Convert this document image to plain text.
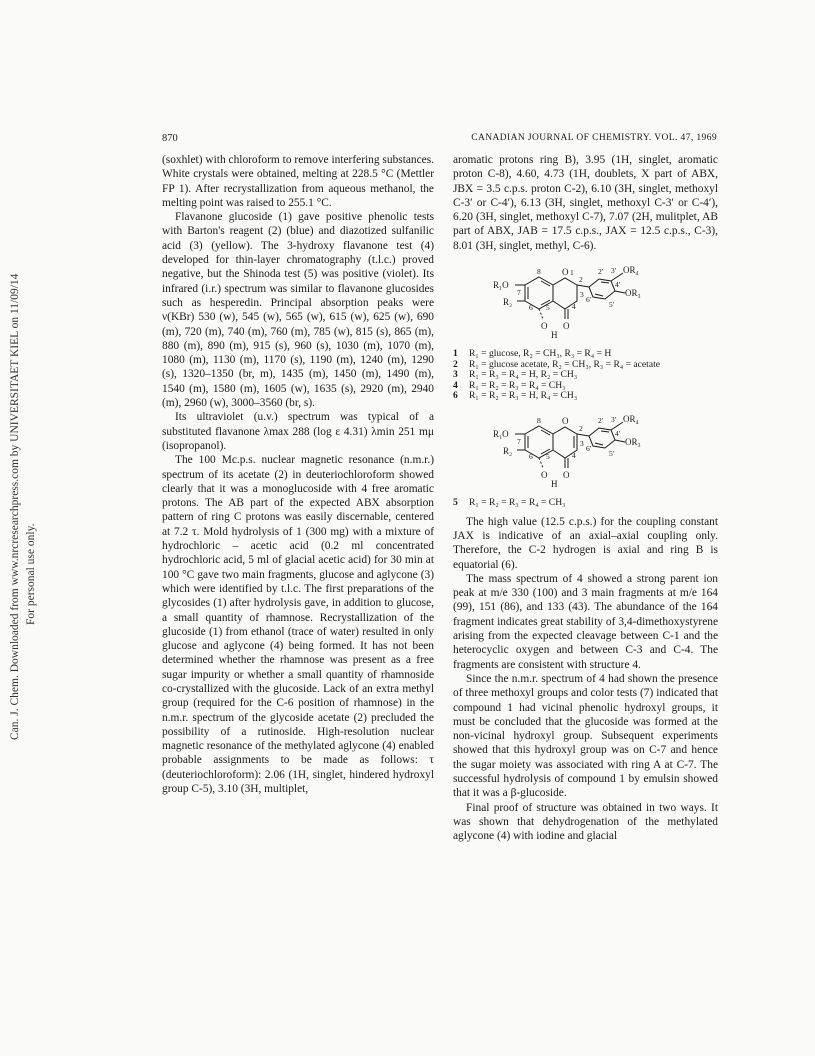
Can. J. Chem. Downloaded from www.nrcresearchpress.com by UNIVERSITAET KIEL on 11/09/14 For personal use only.
870	CANADIAN JOURNAL OF CHEMISTRY. VOL. 47, 1969

(soxhlet) with chloroform to remove interfering substances. White crystals were obtained, melting at 228.5 °C (Mettler FP 1). After recrystallization from aqueous methanol, the melting point was raised to 255.1 °C.

Flavanone glucoside (1) gave positive phenolic tests with Barton's reagent (2) (blue) and diazotized sulfanilic acid (3) (yellow). The 3-hydroxy flavanone test (4) developed for thin-layer chromatography (t.l.c.) proved negative, but the Shinoda test (5) was positive (violet). Its infrared (i.r.) spectrum was similar to flavanone glucosides such as hesperedin. Principal absorption peaks were ν(KBr) 530 (w), 545 (w), 565 (w), 615 (w), 625 (w), 690 (m), 720 (m), 740 (m), 760 (m), 785 (w), 815 (s), 865 (m), 880 (m), 890 (m), 915 (s), 960 (s), 1030 (m), 1070 (m), 1080 (m), 1130 (m), 1170 (s), 1190 (m), 1240 (m), 1290 (s), 1320–1350 (br, m), 1435 (m), 1450 (m), 1490 (m), 1540 (m), 1580 (m), 1605 (w), 1635 (s), 2920 (m), 2940 (m), 2960 (w), 3000–3560 (br, s).

Its ultraviolet (u.v.) spectrum was typical of a substituted flavanone λmax 288 (log ε 4.31) λmin 251 mμ (isopropanol).

The 100 Mc.p.s. nuclear magnetic resonance (n.m.r.) spectrum of its acetate (2) in deuteriochloroform showed clearly that it was a monoglucoside with 4 free aromatic protons. The AB part of the expected ABX absorption pattern of ring C protons was easily discernable, centered at 7.2 τ. Mold hydrolysis of 1 (300 mg) with a mixture of hydrochloric – acetic acid (0.2 ml concentrated hydrochloric acid, 5 ml of glacial acetic acid) for 30 min at 100 °C gave two main fragments, glucose and aglycone (3) which were identified by t.l.c. The first preparations of the glycosides (1) after hydrolysis gave, in addition to glucose, a small quantity of rhamnose. Recrystallization of the glucoside (1) from ethanol (trace of water) resulted in only glucose and aglycone (4) being formed. It has not been determined whether the rhamnose was present as a free sugar impurity or whether a small quantity of rhamnoside co-crystallized with the glucoside. Lack of an extra methyl group (required for the C-6 position of rhamnose) in the n.m.r. spectrum of the glycoside acetate (2) precluded the possibility of a rutinoside. High-resolution nuclear magnetic resonance of the methylated aglycone (4) enabled probable assignments to be made as follows: τ (deuteriochloroform): 2.06 (1H, singlet, hindered hydroxyl group C-5), 3.10 (3H, multiplet,

aromatic protons ring B), 3.95 (1H, singlet, aromatic proton C-8), 4.60, 4.73 (1H, doublets, X part of ABX, JBX = 3.5 c.p.s. proton C-2), 6.10 (3H, singlet, methoxyl C-3′ or C-4′), 6.13 (3H, singlet, methoxyl C-3′ or C-4′), 6.20 (3H, singlet, methoxyl C-7), 7.07 (2H, mulitplet, AB part of ABX, JAB = 17.5 c.p.s., JAX = 12.5 c.p.s., C-3), 8.01 (3H, singlet, methyl, C-6).

R₁O
R₂
OR₄
OR₃
O
O
O
H
8
7
6 5	4
3
2
1	2′ 3′
4′
5′
6′
1	R₁ = glucose, R₂ = CH₃, R₃ = R₄ = H
2	R₁ = glucose acetate, R₂ = CH₃, R₃ = R₄ = acetate
3	R₁ = R₃ = R₄ = H, R₂ = CH₃
4	R₁ = R₂ = R₃ = R₄ = CH₃
6	R₁ = R₂ = R₃ = H, R₄ = CH₃
R₁O
R₂
OR₄
OR₃
O
O
O
H
8
7
6 5	4
3
2
2′ 3′
4′
5′
6′
5	R₁ = R₂ = R₃ = R₄ = CH₃

The high value (12.5 c.p.s.) for the coupling constant JAX is indicative of an axial–axial coupling only. Therefore, the C-2 hydrogen is axial and ring B is equatorial (6).

The mass spectrum of 4 showed a strong parent ion peak at m/e 330 (100) and 3 main fragments at m/e 164 (99), 151 (86), and 133 (43). The abundance of the 164 fragment indicates great stability of 3,4-dimethoxystyrene arising from the expected cleavage between C-1 and the heterocyclic oxygen and between C-3 and C-4. The fragments are consistent with structure 4.

Since the n.m.r. spectrum of 4 had shown the presence of three methoxyl groups and color tests (7) indicated that compound 1 had vicinal phenolic hydroxyl groups, it must be concluded that the glucoside was formed at the non-vicinal hydroxyl group. Subsequent experiments showed that this hydroxyl group was on C-7 and hence the sugar moiety was associated with ring A at C-7. The successful hydrolysis of compound 1 by emulsin showed that it was a β-glucoside.

Final proof of structure was obtained in two ways. It was shown that dehydrogenation of the methylated aglycone (4) with iodine and glacial
